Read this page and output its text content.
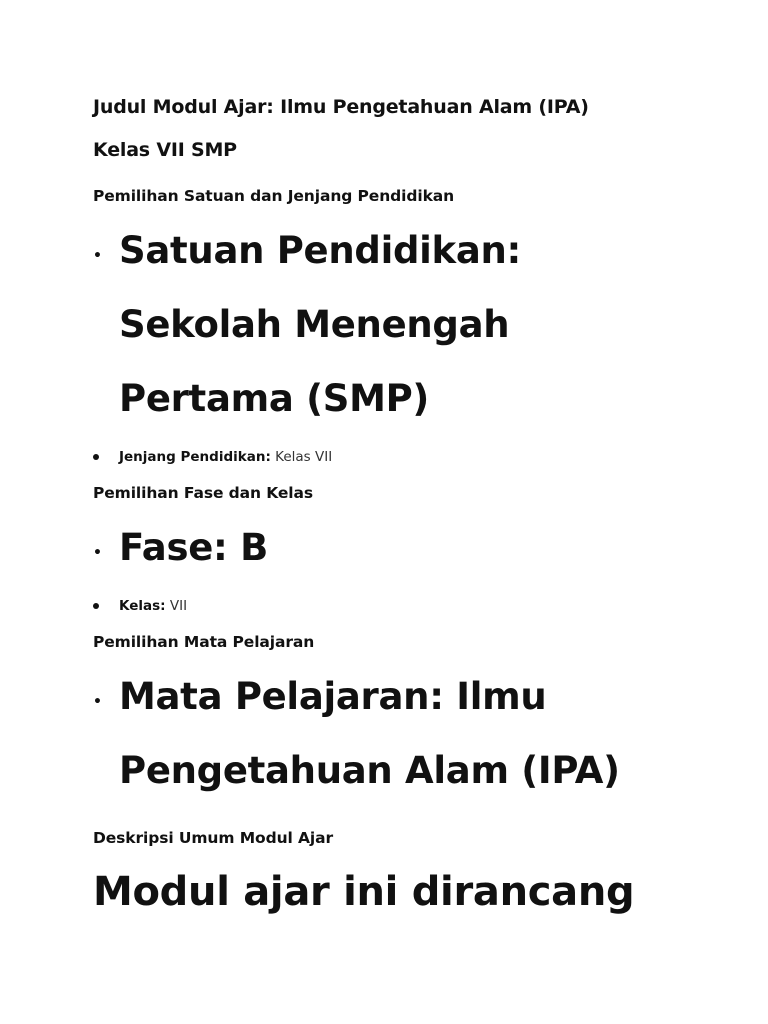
Judul Modul Ajar: Ilmu Pengetahuan Alam (IPA)
Kelas VII SMP
Pemilihan Satuan dan Jenjang Pendidikan
• Satuan Pendidikan:
Sekolah Menengah
Pertama (SMP)
Jenjang Pendidikan: Kelas VII
Pemilihan Fase dan Kelas
• Fase: B
Kelas: VII
Pemilihan Mata Pelajaran
• Mata Pelajaran: Ilmu
Pengetahuan Alam (IPA)
Deskripsi Umum Modul Ajar
Modul ajar ini dirancang
